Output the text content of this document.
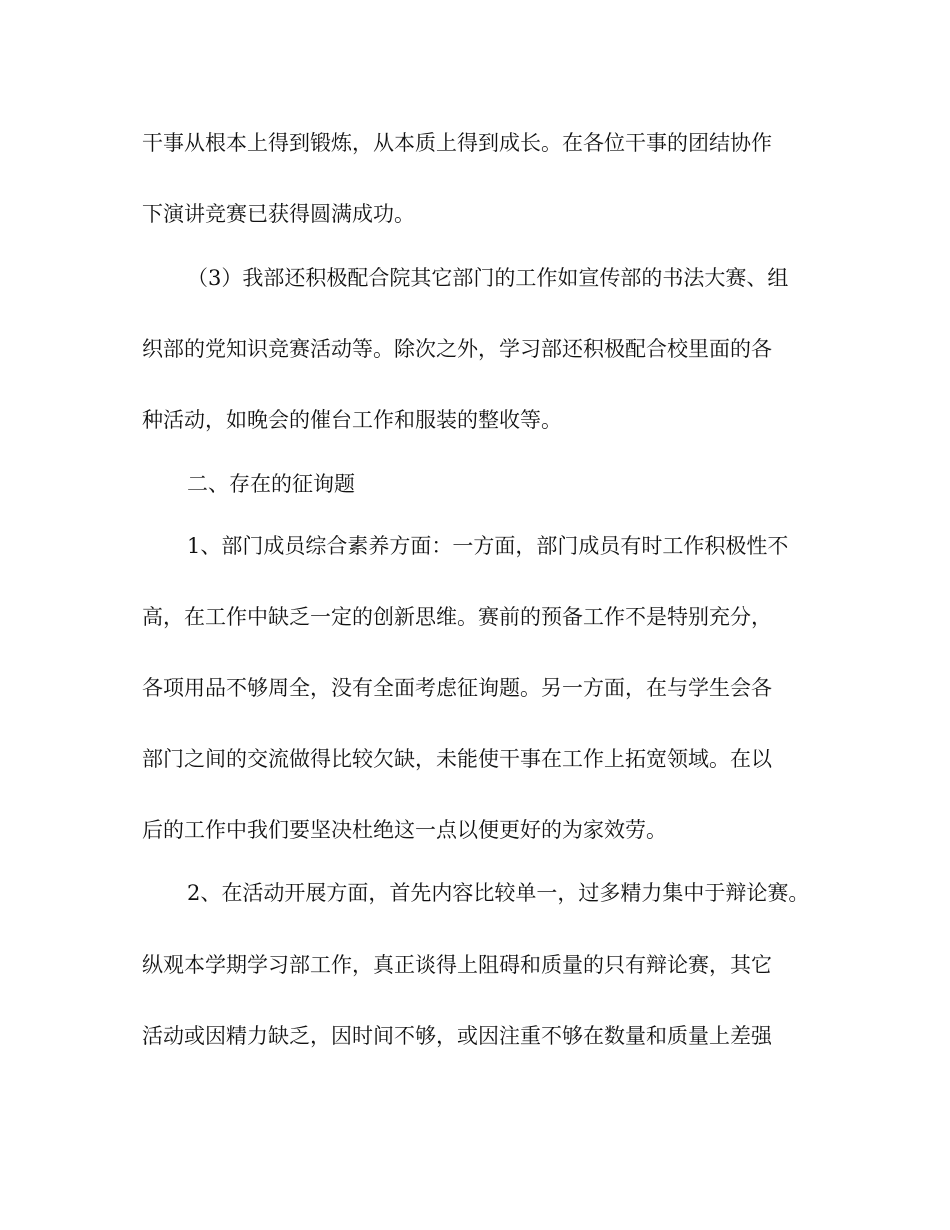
干事从根本上得到锻炼，从本质上得到成长。在各位干事的团结协作
下演讲竞赛已获得圆满成功。
（3）我部还积极配合院其它部门的工作如宣传部的书法大赛、组
织部的党知识竞赛活动等。除次之外，学习部还积极配合校里面的各
种活动，如晚会的催台工作和服装的整收等。
二、存在的征询题
1、部门成员综合素养方面：一方面，部门成员有时工作积极性不
高，在工作中缺乏一定的创新思维。赛前的预备工作不是特别充分，
各项用品不够周全，没有全面考虑征询题。另一方面，在与学生会各
部门之间的交流做得比较欠缺，未能使干事在工作上拓宽领域。在以
后的工作中我们要坚决杜绝这一点以便更好的为家效劳。
2、在活动开展方面，首先内容比较单一，过多精力集中于辩论赛。
纵观本学期学习部工作，真正谈得上阻碍和质量的只有辩论赛，其它
活动或因精力缺乏，因时间不够，或因注重不够在数量和质量上差强
